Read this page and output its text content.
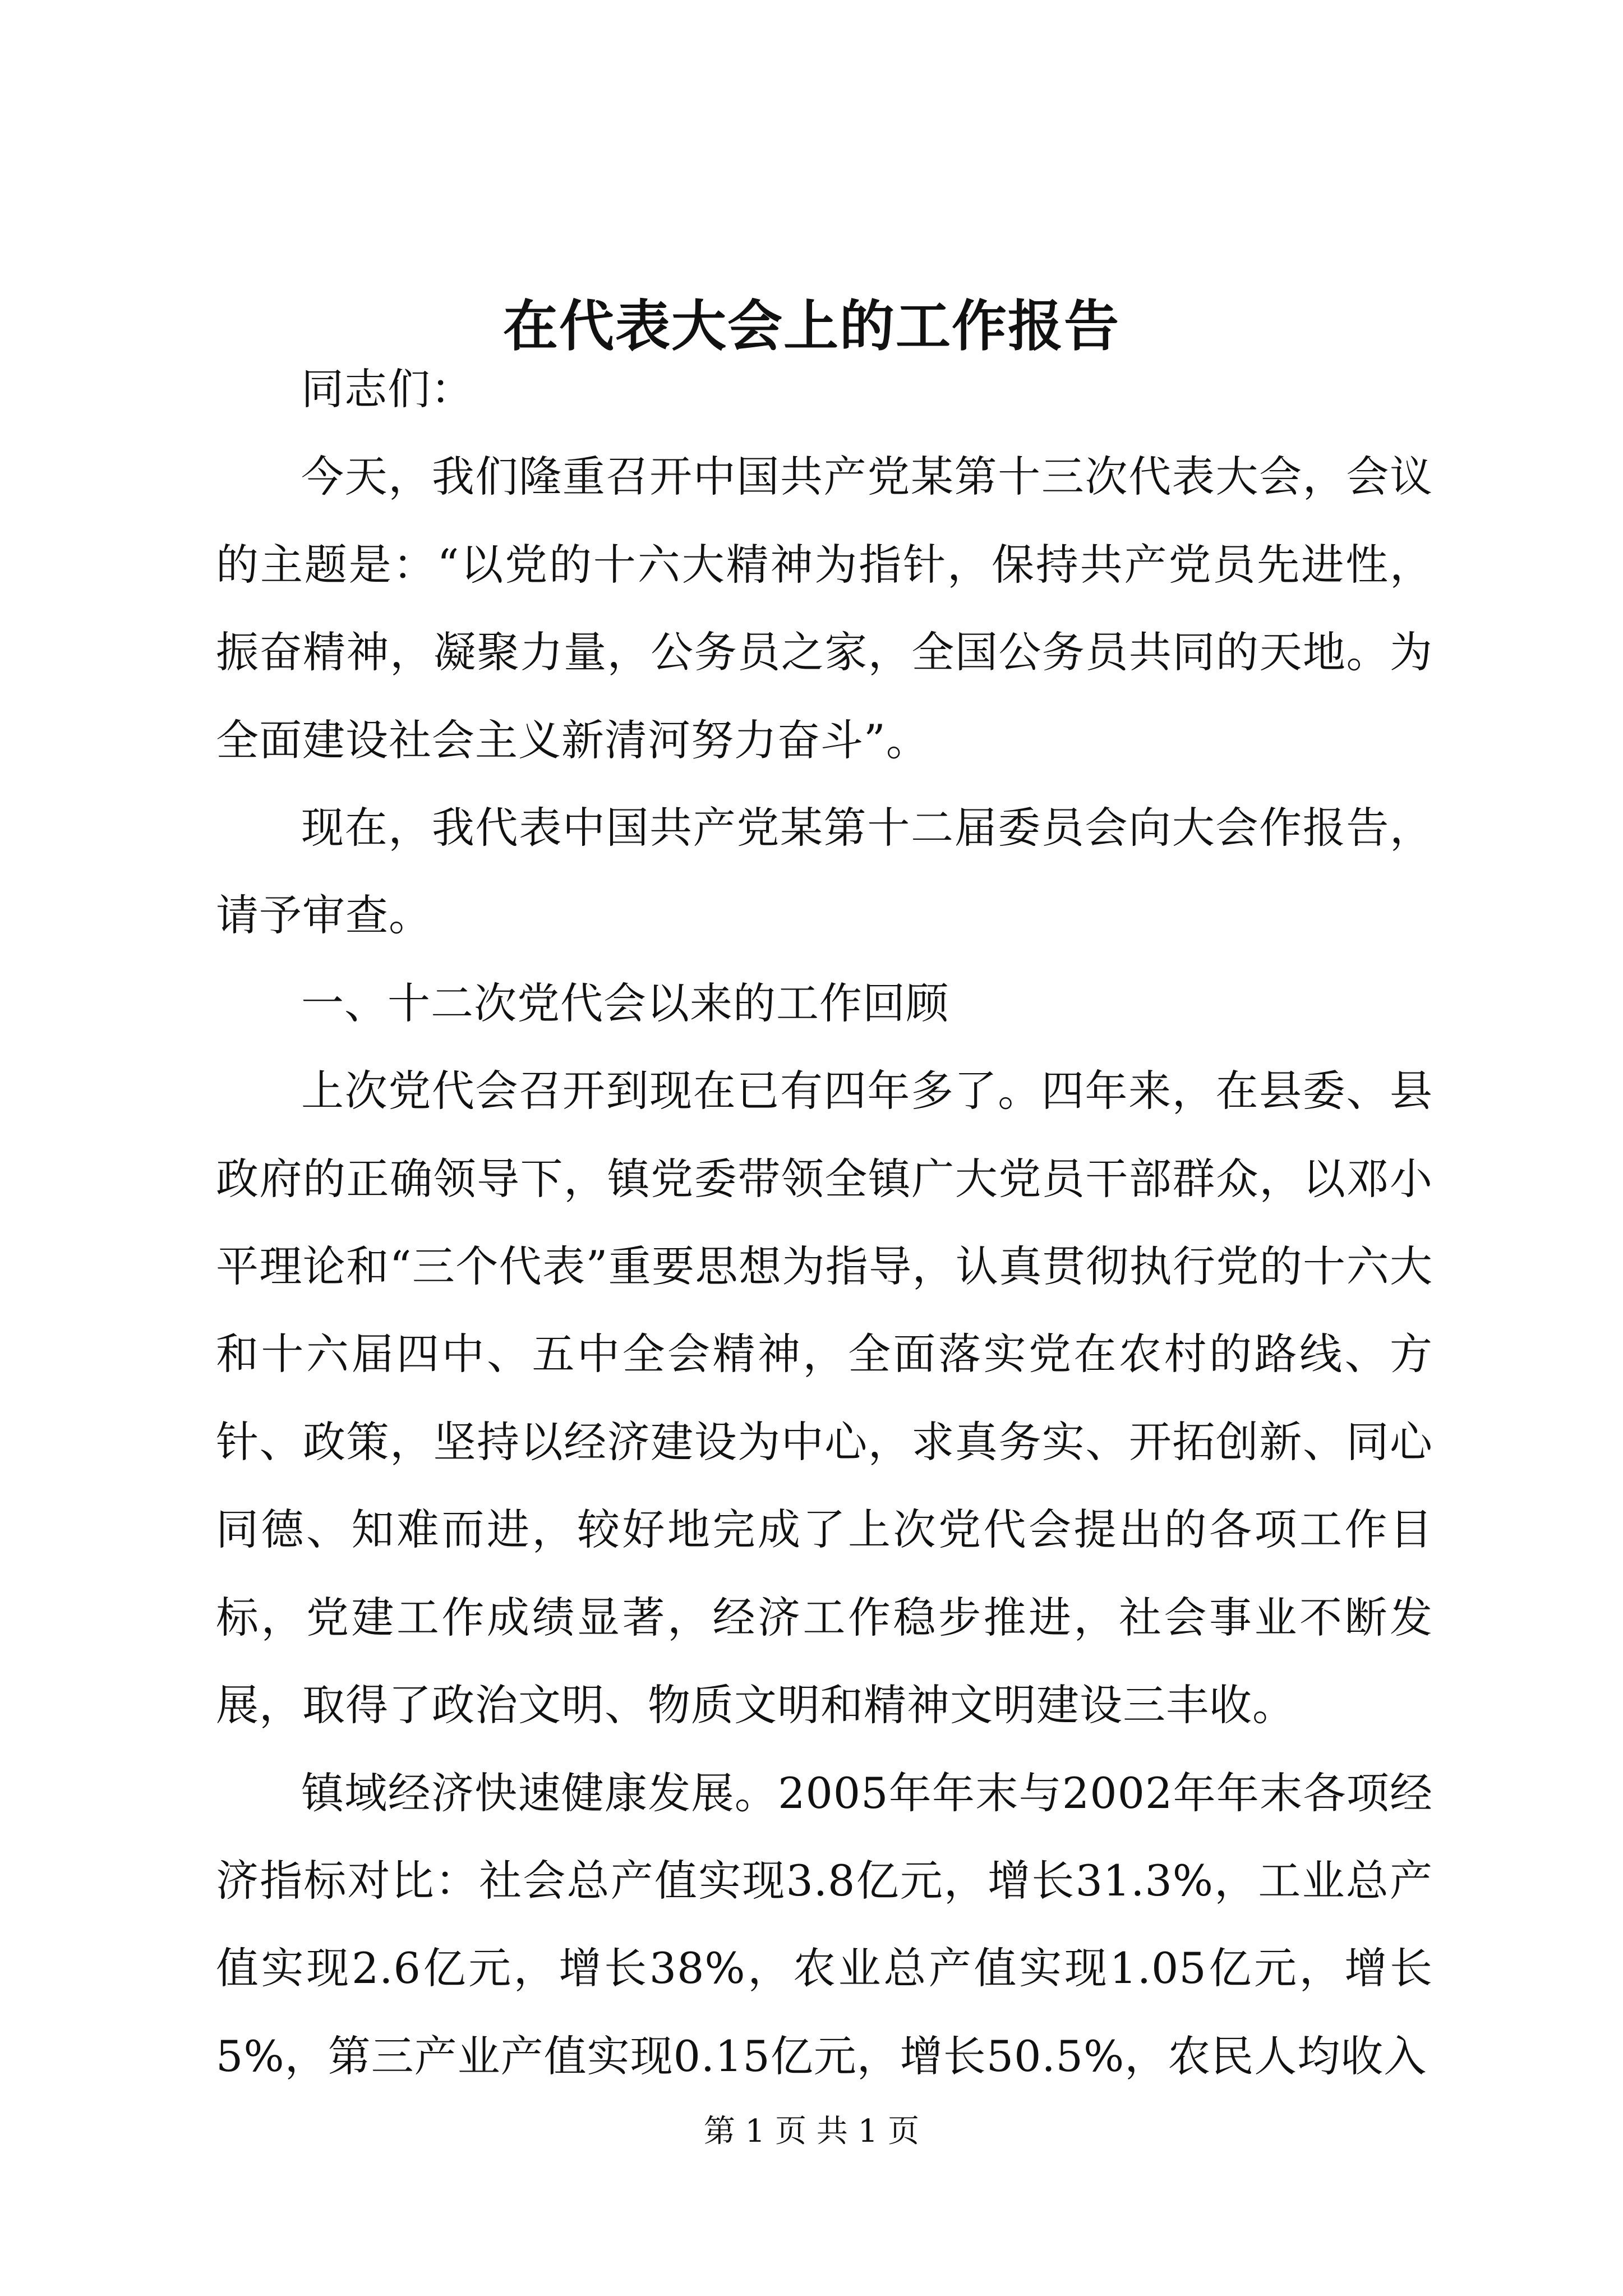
在代表大会上的工作报告

同志们：

今天，我们隆重召开中国共产党某第十三次代表大会，会议的主题是：“以党的十六大精神为指针，保持共产党员先进性，振奋精神，凝聚力量，公务员之家，全国公务员共同的天地。为全面建设社会主义新清河努力奋斗”。

现在，我代表中国共产党某第十二届委员会向大会作报告，请予审查。

一、十二次党代会以来的工作回顾

上次党代会召开到现在已有四年多了。四年来，在县委、县政府的正确领导下，镇党委带领全镇广大党员干部群众，以邓小平理论和“三个代表”重要思想为指导，认真贯彻执行党的十六大和十六届四中、五中全会精神，全面落实党在农村的路线、方针、政策，坚持以经济建设为中心，求真务实、开拓创新、同心同德、知难而进，较好地完成了上次党代会提出的各项工作目标，党建工作成绩显著，经济工作稳步推进，社会事业不断发展，取得了政治文明、物质文明和精神文明建设三丰收。

镇域经济快速健康发展。2005年年末与2002年年末各项经济指标对比：社会总产值实现3.8亿元，增长31.3%，工业总产值实现2.6亿元，增长38%，农业总产值实现1.05亿元，增长5%，第三产业产值实现0.15亿元，增长50.5%，农民人均收入

第 1 页 共 1 页
